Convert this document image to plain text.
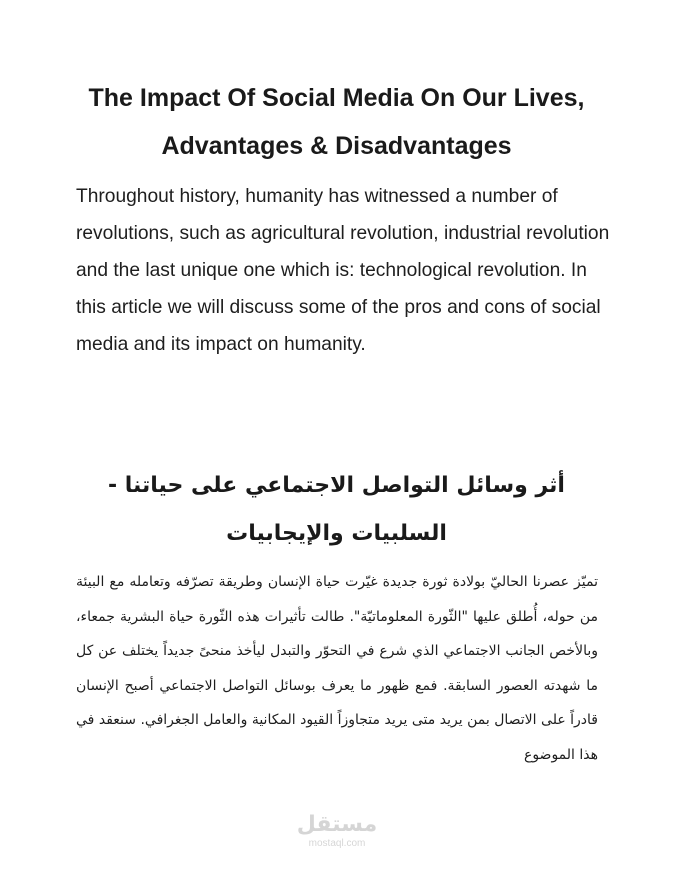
The Impact Of Social Media On Our Lives, Advantages & Disadvantages

Throughout history, humanity has witnessed a number of revolutions, such as agricultural revolution, industrial revolution and the last unique one which is: technological revolution. In this article we will discuss some of the pros and cons of social media and its impact on humanity.

أثر وسائل التواصل الاجتماعي على حياتنا - السلبيات والإيجابيات

تميّز عصرنا الحاليّ بولادة ثورة جديدة غيّرت حياة الإنسان وطريقة تصرّفه وتعامله مع البيئة من حوله، أُطلق عليها "الثّورة المعلوماتيّة". طالت تأثيرات هذه الثّورة حياة البشرية جمعاء، وبالأخص الجانب الاجتماعي الذي شرع في التحوّر والتبدل ليأخذ منحىً جديداً يختلف عن كل ما شهدته العصور السابقة. فمع ظهور ما يعرف بوسائل التواصل الاجتماعي أصبح الإنسان قادراً على الاتصال بمن يريد متى يريد متجاوزاً القيود المكانية والعامل الجغرافي. سنعقد في هذا الموضوع

مستقل
mostaql.com
